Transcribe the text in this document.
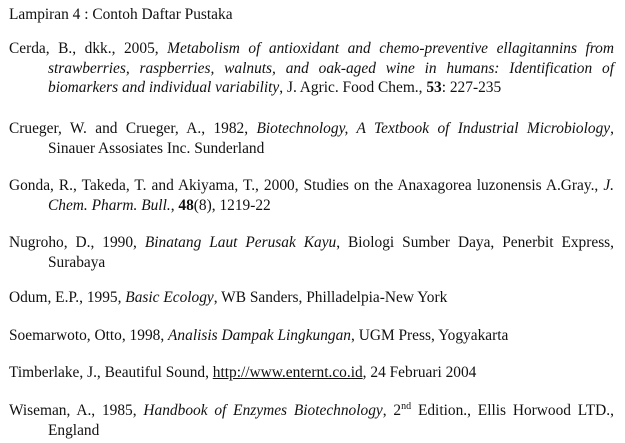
Lampiran 4 : Contoh Daftar Pustaka

Cerda, B., dkk., 2005, Metabolism of antioxidant and chemo-preventive ellagitannins from strawberries, raspberries, walnuts, and oak-aged wine in humans: Identification of biomarkers and individual variability, J. Agric. Food Chem., 53: 227-235

Crueger, W. and Crueger, A., 1982, Biotechnology, A Textbook of Industrial Microbiology, Sinauer Assosiates Inc. Sunderland

Gonda, R., Takeda, T. and Akiyama, T., 2000, Studies on the Anaxagorea luzonensis A.Gray., J. Chem. Pharm. Bull., 48(8), 1219-22

Nugroho, D., 1990, Binatang Laut Perusak Kayu, Biologi Sumber Daya, Penerbit Express, Surabaya

Odum, E.P., 1995, Basic Ecology, WB Sanders, Philladelpia-New York

Soemarwoto, Otto, 1998, Analisis Dampak Lingkungan, UGM Press, Yogyakarta

Timberlake, J., Beautiful Sound, http://www.enternt.co.id, 24 Februari 2004

Wiseman, A., 1985, Handbook of Enzymes Biotechnology, 2nd Edition., Ellis Horwood LTD., England
